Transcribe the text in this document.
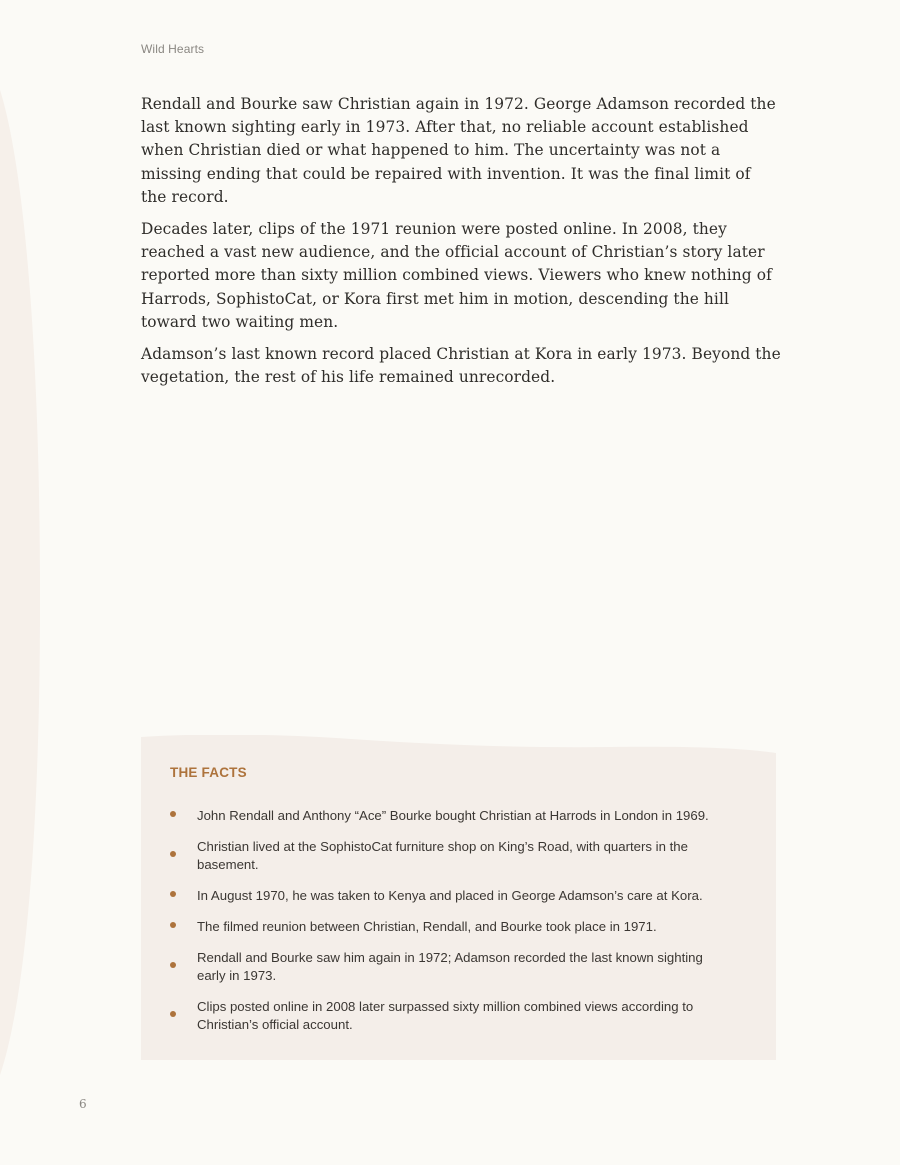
Wild Hearts

Rendall and Bourke saw Christian again in 1972. George Adamson recorded the last known sighting early in 1973. After that, no reliable account established when Christian died or what happened to him. The uncertainty was not a missing ending that could be repaired with invention. It was the final limit of the record.

Decades later, clips of the 1971 reunion were posted online. In 2008, they reached a vast new audience, and the official account of Christian’s story later reported more than sixty million combined views. Viewers who knew nothing of Harrods, SophistoCat, or Kora first met him in motion, descending the hill toward two waiting men.

Adamson’s last known record placed Christian at Kora in early 1973. Beyond the vegetation, the rest of his life remained unrecorded.

THE FACTS
John Rendall and Anthony “Ace” Bourke bought Christian at Harrods in London in 1969.
Christian lived at the SophistoCat furniture shop on King’s Road, with quarters in the basement.
In August 1970, he was taken to Kenya and placed in George Adamson’s care at Kora.
The filmed reunion between Christian, Rendall, and Bourke took place in 1971.
Rendall and Bourke saw him again in 1972; Adamson recorded the last known sighting early in 1973.
Clips posted online in 2008 later surpassed sixty million combined views according to Christian’s official account.
6
